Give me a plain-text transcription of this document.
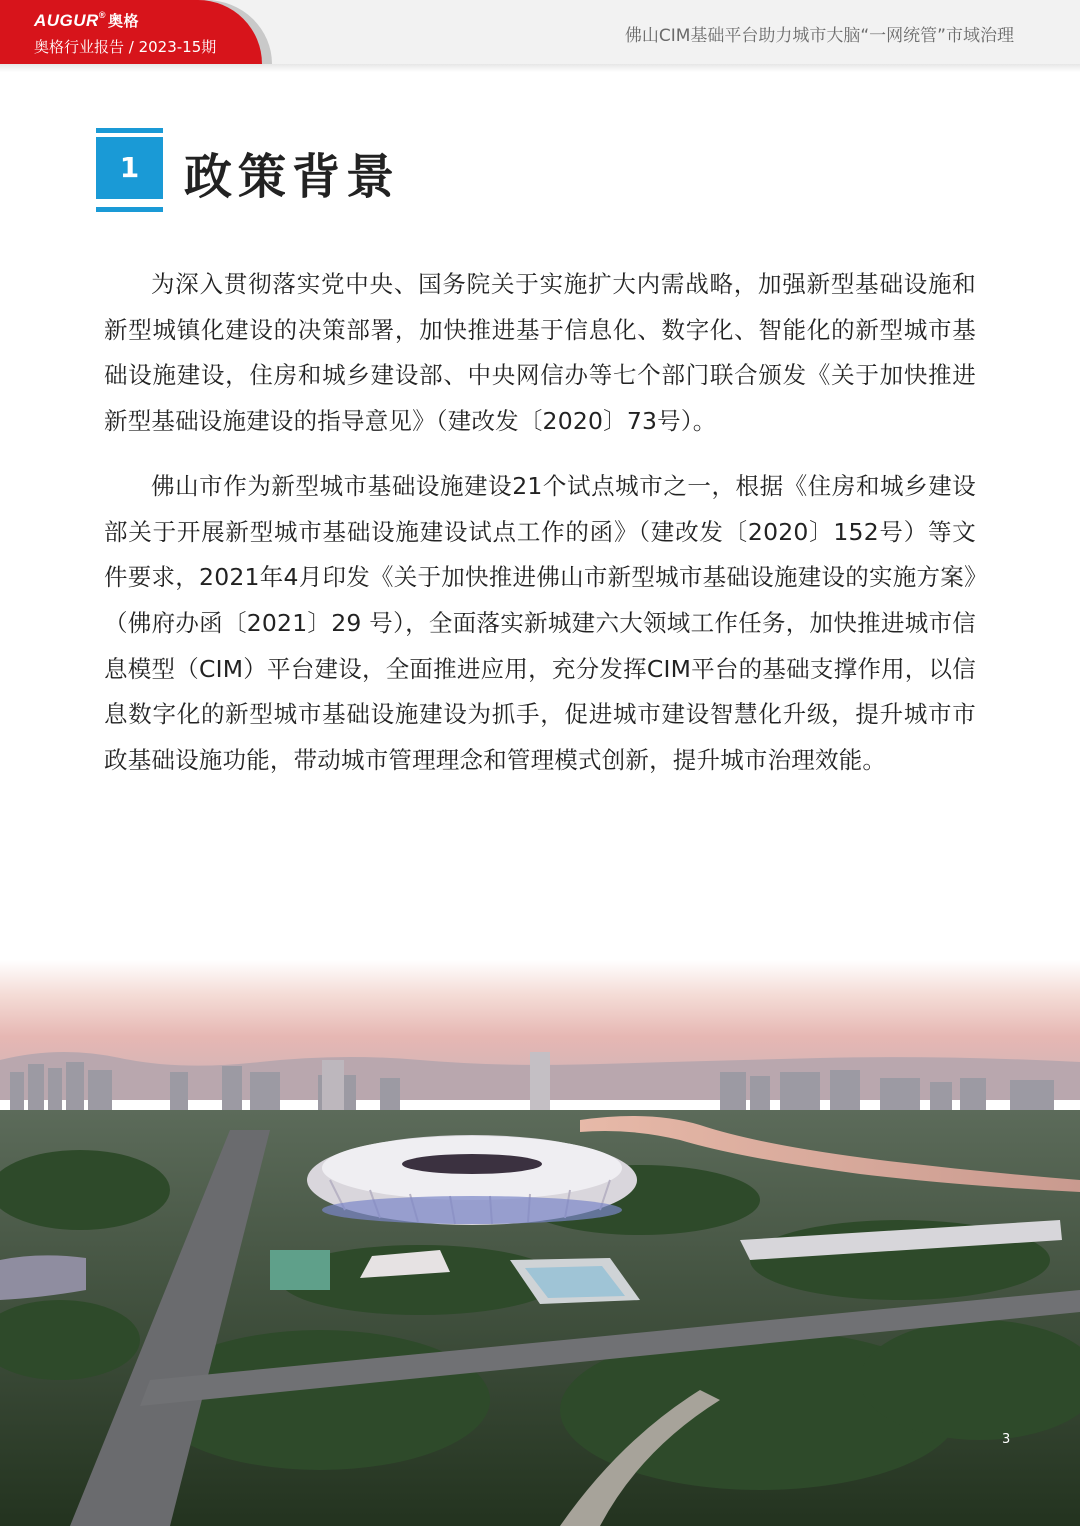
AUGUR® 奥格
奥格行业报告 / 2023-15期
佛山CIM基础平台助力城市大脑“一网统管”市域治理
1 政策背景

为深入贯彻落实党中央、国务院关于实施扩大内需战略，加强新型基础设施和新型城镇化建设的决策部署，加快推进基于信息化、数字化、智能化的新型城市基础设施建设，住房和城乡建设部、中央网信办等七个部门联合颁发《关于加快推进新型基础设施建设的指导意见》（建改发〔2020〕73号）。

佛山市作为新型城市基础设施建设21个试点城市之一，根据《住房和城乡建设部关于开展新型城市基础设施建设试点工作的函》（建改发〔2020〕152号）等文件要求，2021年4月印发《关于加快推进佛山市新型城市基础设施建设的实施方案》（佛府办函〔2021〕29 号），全面落实新城建六大领域工作任务，加快推进城市信息模型（CIM）平台建设，全面推进应用，充分发挥CIM平台的基础支撑作用，以信息数字化的新型城市基础设施建设为抓手，促进城市建设智慧化升级，提升城市市政基础设施功能，带动城市管理理念和管理模式创新，提升城市治理效能。

3
